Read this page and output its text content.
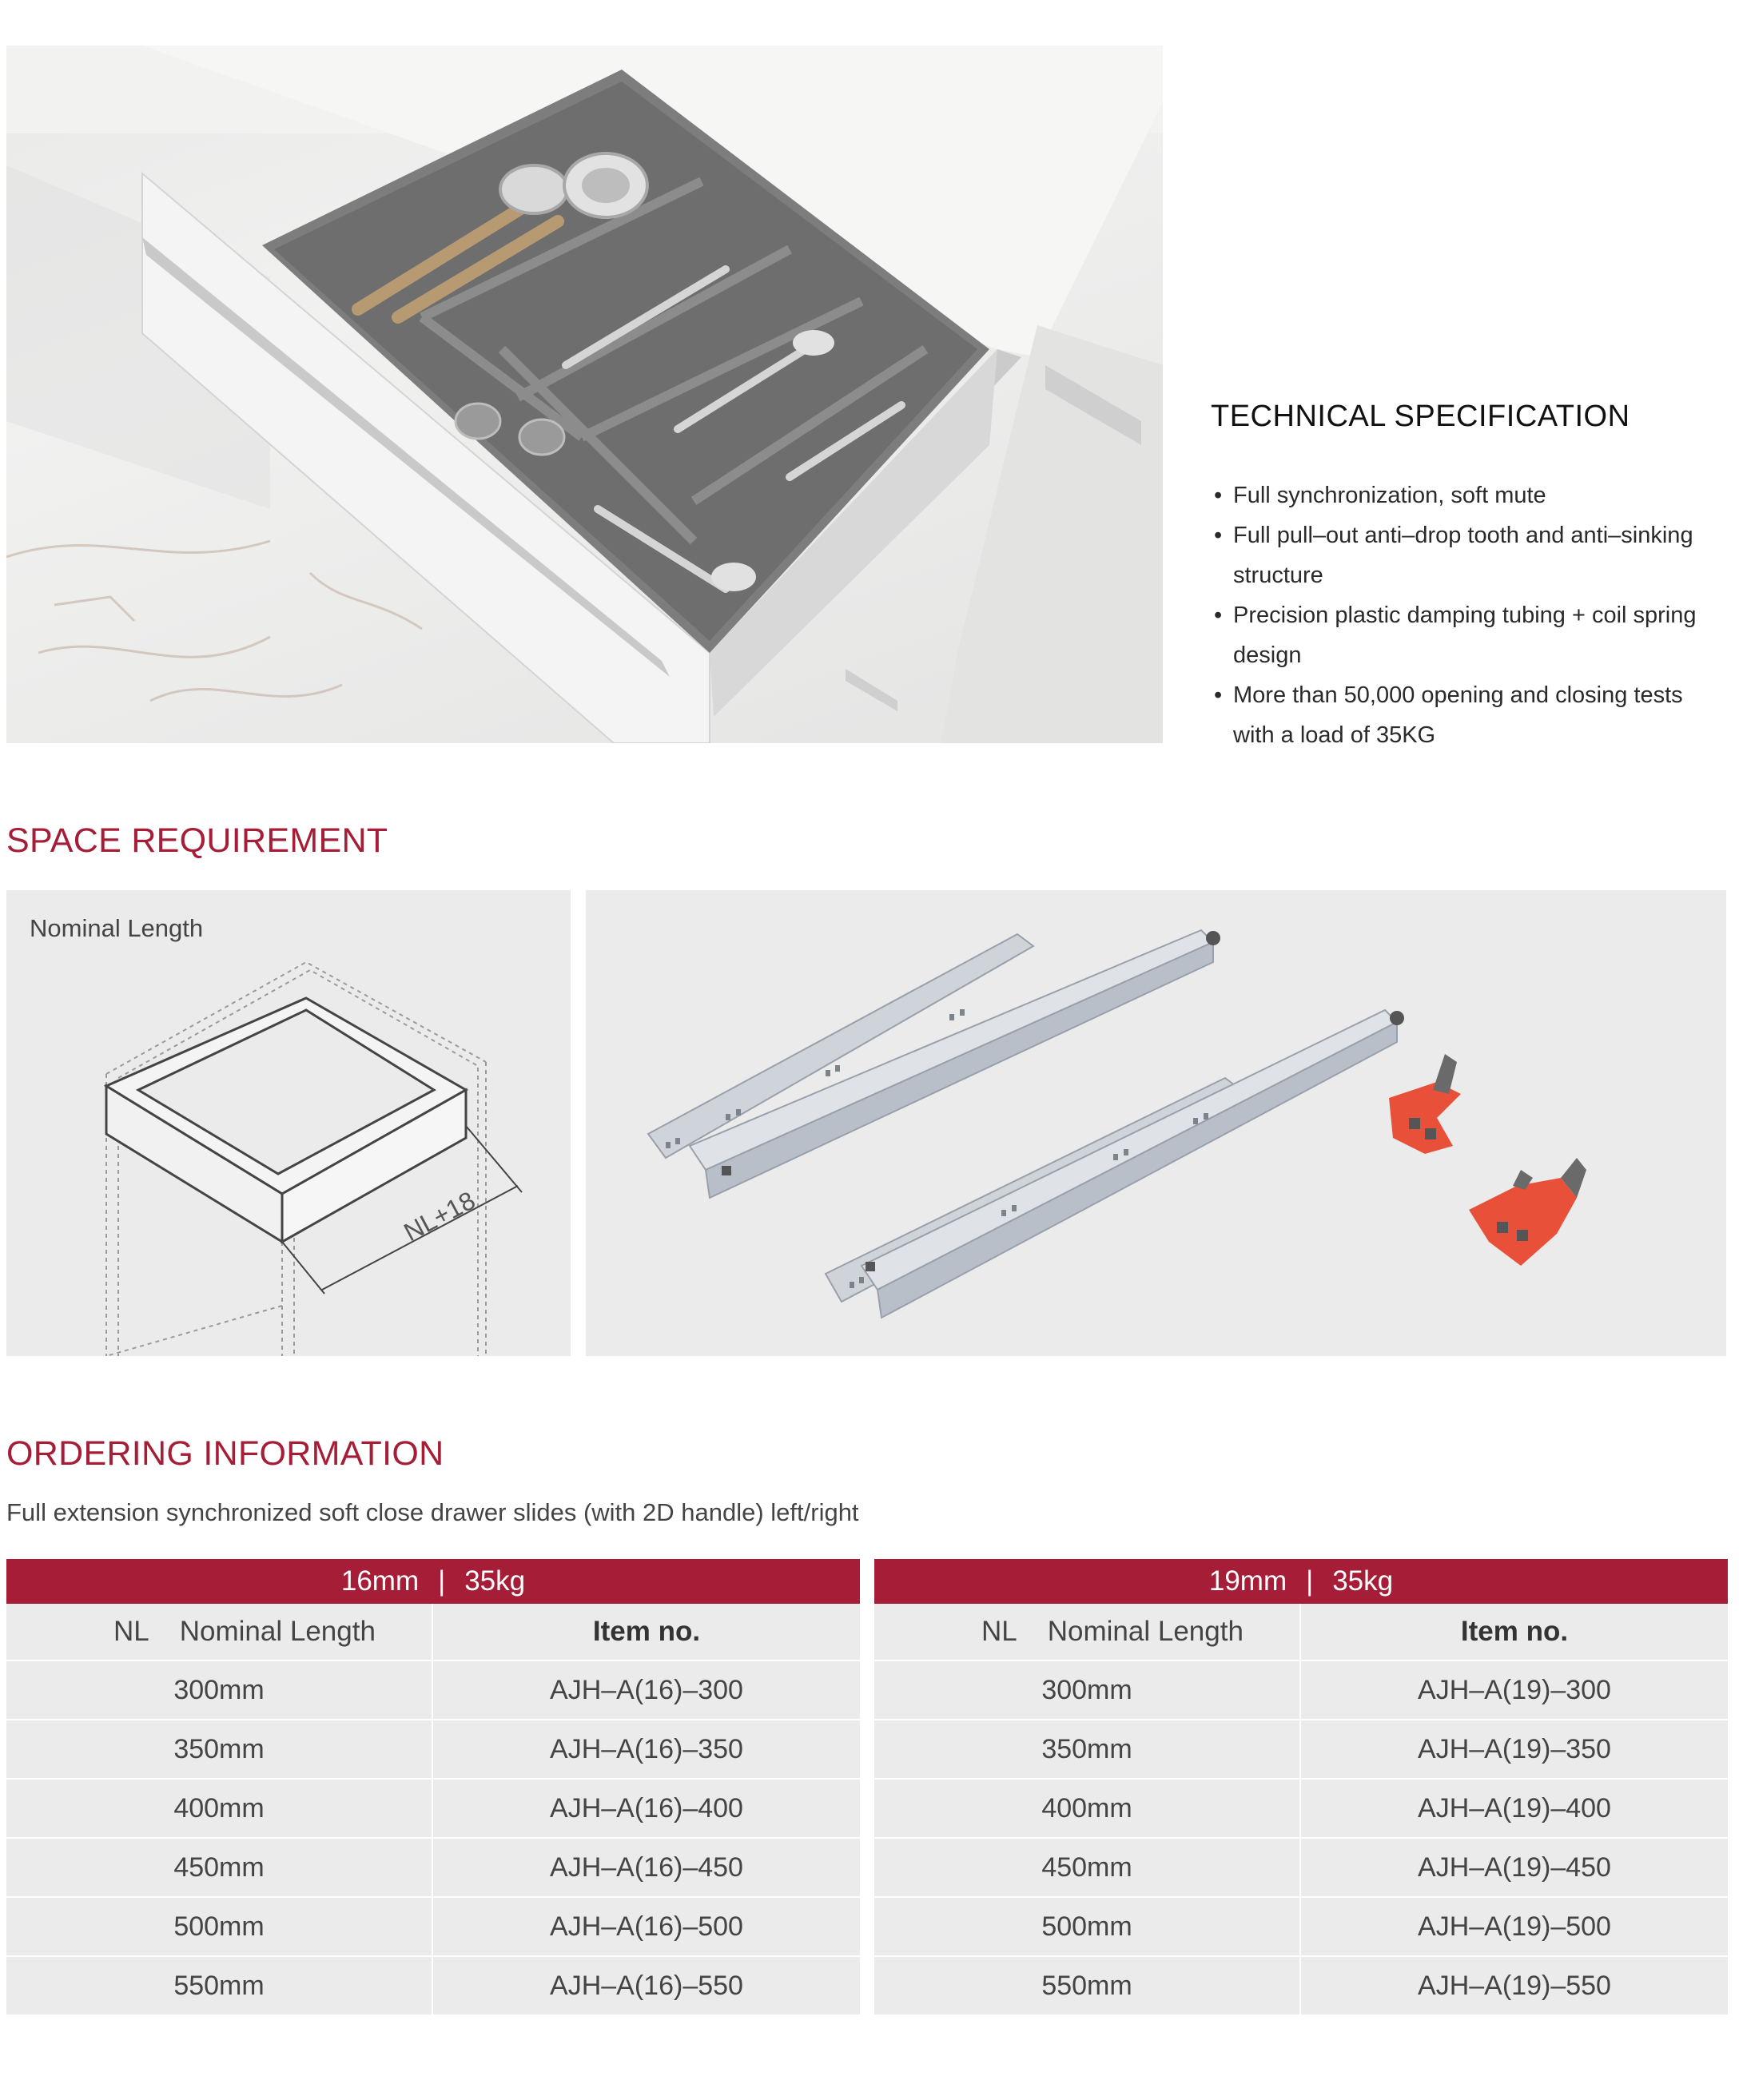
TECHNICAL SPECIFICATION
• Full synchronization, soft mute
• Full pull–out anti–drop tooth and anti–sinking
structure
• Precision plastic damping tubing + coil spring
design
• More than 50,000 opening and closing tests
with a load of 35KG
SPACE REQUIREMENT
Nominal Length
NL+18
ORDERING INFORMATION
Full extension synchronized soft close drawer slides (with 2D handle) left/right
16mm | 35kg	
NL Nominal Length	Item no.
300mm	AJH–A(16)–300
350mm	AJH–A(16)–350
400mm	AJH–A(16)–400
450mm	AJH–A(16)–450
500mm	AJH–A(16)–500
550mm	AJH–A(16)–550
19mm | 35kg	
NL Nominal Length	Item no.
300mm	AJH–A(19)–300
350mm	AJH–A(19)–350
400mm	AJH–A(19)–400
450mm	AJH–A(19)–450
500mm	AJH–A(19)–500
550mm	AJH–A(19)–550
